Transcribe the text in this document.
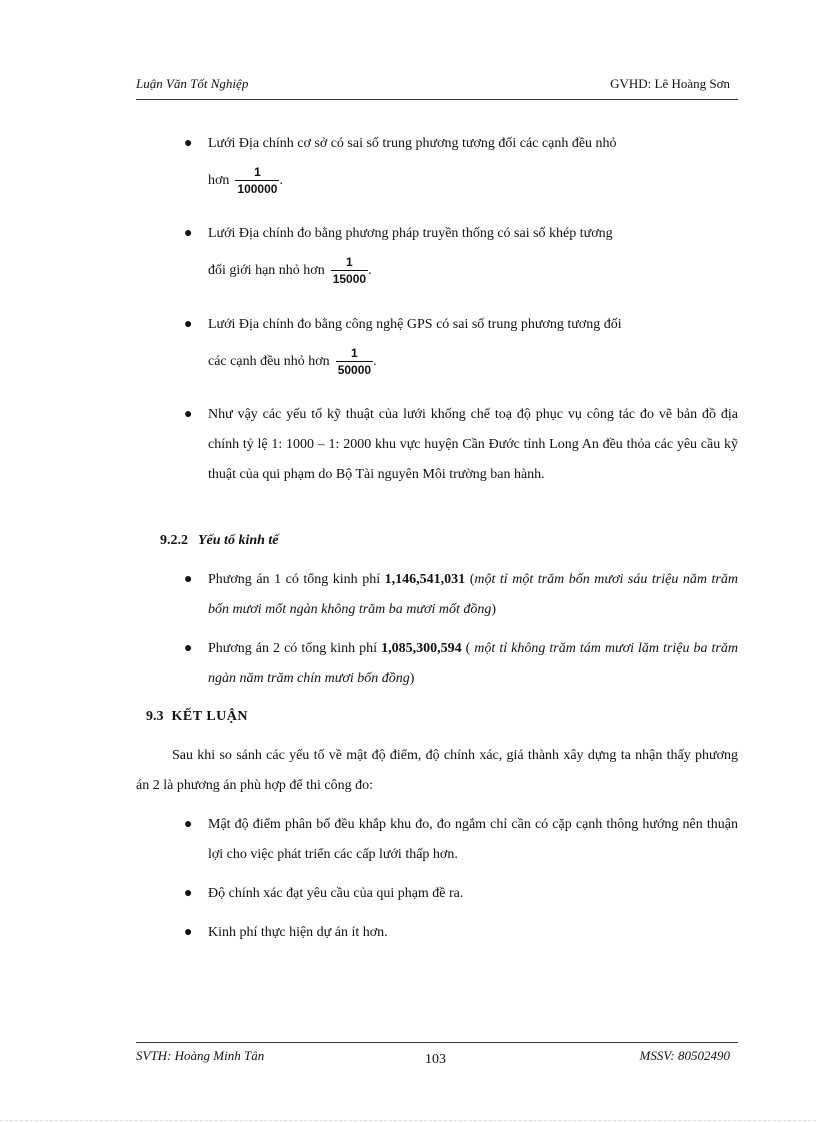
Luận Văn Tốt Nghiệp	GVHD: Lê Hoàng Sơn
● Lưới Địa chính cơ sở có sai số trung phương tương đối các cạnh đều nhỏ
hơn $\frac{1}{100000}$ .
● Lưới Địa chính đo bằng phương pháp truyền thống có sai số khép tương
đối giới hạn nhỏ hơn $\frac{1}{15000}$ .
● Lưới Địa chính đo bằng công nghệ GPS có sai số trung phương tương đối
các cạnh đều nhỏ hơn $\frac{1}{50000}$ .
● Như vậy các yếu tố kỹ thuật của lưới khống chế toạ độ phục vụ công tác đo vẽ bản đồ địa chính tỷ lệ 1: 1000 – 1: 2000 khu vực huyện Cần Đước tỉnh Long An đều thỏa các yêu cầu kỹ thuật của qui phạm do Bộ Tài nguyên Môi trường ban hành.
9.2.2 Yếu tố kinh tế
● Phương án 1 có tổng kinh phí 1,146,541,031 (một tỉ một trăm bốn mươi sáu triệu năm trăm bốn mươi mốt ngàn không trăm ba mươi mốt đồng)
● Phương án 2 có tổng kinh phí 1,085,300,594 ( một tỉ không trăm tám mươi lăm triệu ba trăm ngàn năm trăm chín mươi bốn đồng)
9.3 KẾT LUẬN
Sau khi so sánh các yếu tố về mật độ điểm, độ chính xác, giá thành xây dựng ta nhận thấy phương án 2 là phương án phù hợp để thi công đo:
● Mật độ điểm phân bố đều khắp khu đo, đo ngắm chỉ cần có cặp cạnh thông hướng nên thuận lợi cho việc phát triển các cấp lưới thấp hơn.
● Độ chính xác đạt yêu cầu của qui phạm đề ra.
● Kinh phí thực hiện dự án ít hơn.
SVTH: Hoàng Minh Tân	103	MSSV: 80502490
